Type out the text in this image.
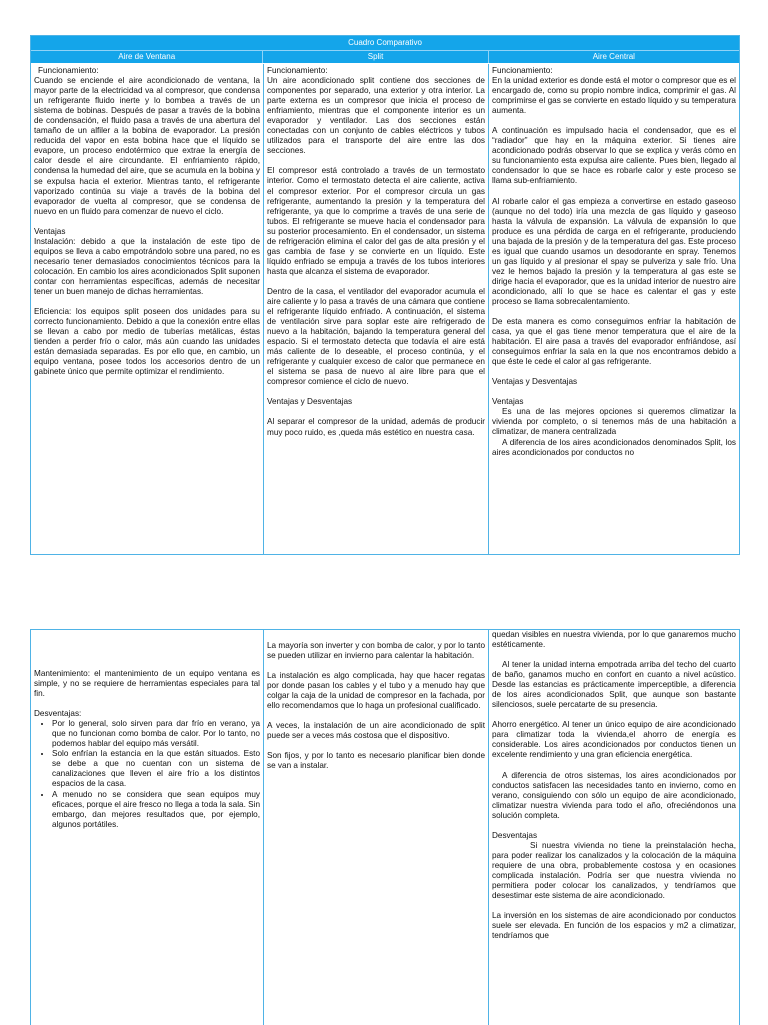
Cuadro Comparativo
Aire de Ventana	Split	Aire Central

Funcionamiento:

Cuando se enciende el aire acondicionado de ventana, la mayor parte de la electricidad va al compresor, que condensa un refrigerante fluido inerte y lo bombea a través de un sistema de bobinas. Después de pasar a través de la bobina de condensación, el fluido pasa a través de una abertura del tamaño de un alfiler a la bobina de evaporador. La presión reducida del vapor en esta bobina hace que el líquido se evapore, un proceso endotérmico que extrae la energía de calor desde el aire circundante. El enfriamiento rápido, condensa la humedad del aire, que se acumula en la bobina y se expulsa hacia el exterior. Mientras tanto, el refrigerante vaporizado continúa su viaje a través de la bobina del evaporador de vuelta al compresor, que se condensa de nuevo en un fluido para comenzar de nuevo el ciclo.

Ventajas

Instalación: debido a que la instalación de este tipo de equipos se lleva a cabo empotrándolo sobre una pared, no es necesario tener demasiados conocimientos técnicos para la colocación. En cambio los aires acondicionados Split suponen contar con herramientas específicas, además de necesitar tener un buen manejo de dichas herramientas.

Eficiencia: los equipos split poseen dos unidades para su correcto funcionamiento. Debido a que la conexión entre ellas se llevan a cabo por medio de tuberías metálicas, éstas tienden a perder frío o calor, más aún cuando las unidades están demasiada separadas. Es por ello que, en cambio, un equipo ventana, posee todos los accesorios dentro de un gabinete único que permite optimizar el rendimiento.

Funcionamiento:

Un aire acondicionado split contiene dos secciones de componentes por separado, una exterior y otra interior. La parte externa es un compresor que inicia el proceso de enfriamiento, mientras que el componente interior es un evaporador y ventilador. Las dos secciones están conectadas con un conjunto de cables eléctricos y tubos utilizados para el transporte del aire entre las dos secciones.

El compresor está controlado a través de un termostato interior. Como el termostato detecta el aire caliente, activa el compresor exterior. Por el compresor circula un gas refrigerante, aumentando la presión y la temperatura del refrigerante, ya que lo comprime a través de una serie de tubos. El refrigerante se mueve hacia el condensador para su posterior procesamiento. En el condensador, un sistema de refrigeración elimina el calor del gas de alta presión y el gas cambia de fase y se convierte en un líquido. Este líquido enfriado se empuja a través de los tubos interiores hasta que alcanza el sistema de evaporador.

Dentro de la casa, el ventilador del evaporador acumula el aire caliente y lo pasa a través de una cámara que contiene el refrigerante líquido enfriado. A continuación, el sistema de ventilación sirve para soplar este aire refrigerado de nuevo a la habitación, bajando la temperatura general del espacio. Si el termostato detecta que todavía el aire está más caliente de lo deseable, el proceso continúa, y el refrigerante y cualquier exceso de calor que permanece en el sistema se pasa de nuevo al aire libre para que el compresor comience el ciclo de nuevo.

Ventajas y Desventajas

Al separar el compresor de la unidad, además de producir muy poco ruido, es ,queda más estético en nuestra casa.

Funcionamiento:

En la unidad exterior es donde está el motor o compresor que es el encargado de, como su propio nombre indica, comprimir el gas. Al comprimirse el gas se convierte en estado líquido y su temperatura aumenta.

A continuación es impulsado hacia el condensador, que es el “radiador” que hay en la máquina exterior. Si tienes aire acondicionado podrás observar lo que se explica y verás cómo en su funcionamiento esta expulsa aire caliente. Pues bien, llegado al condensador lo que se hace es robarle calor y este proceso se llama sub-enfriamiento.

Al robarle calor el gas empieza a convertirse en estado gaseoso (aunque no del todo) iría una mezcla de gas líquido y gaseoso hasta la válvula de expansión. La válvula de expansión lo que produce es una pérdida de carga en el refrigerante, produciendo una bajada de la presión y de la temperatura del gas. Este proceso es igual que cuando usamos un desodorante en spray. Tenemos un gas líquido y al presionar el spay se pulveriza y sale frío. Una vez le hemos bajado la presión y la temperatura al gas este se dirige hacia el evaporador, que es la unidad interior de nuestro aire acondicionado, allí lo que se hace es calentar el gas y este proceso se llama sobrecalentamiento.

De esta manera es como conseguimos enfriar la habitación de casa, ya que el gas tiene menor temperatura que el aire de la habitación. El aire pasa a través del evaporador enfriándose, así conseguimos enfriar la sala en la que nos encontramos debido a que éste le cede el calor al gas refrigerante.

Ventajas y Desventajas

Ventajas

Es una de las mejores opciones si queremos climatizar la vivienda por completo, o si tenemos más de una habitación a climatizar, de manera centralizada

A diferencia de los aires acondicionados denominados Split, los aires acondicionados por conductos no

Mantenimiento: el mantenimiento de un equipo ventana es simple, y no se requiere de herramientas especiales para tal fin.

Desventajas:

• Por lo general, solo sirven para dar frío en verano, ya que no funcionan como bomba de calor. Por lo tanto, no podemos hablar del equipo más versátil.
• Solo enfrían la estancia en la que están situados. Esto se debe a que no cuentan con un sistema de canalizaciones que lleven el aire frío a los distintos espacios de la casa.
• A menudo no se considera que sean equipos muy eficaces, porque el aire fresco no llega a toda la sala. Sin embargo, dan mejores resultados que, por ejemplo, algunos portátiles.

La mayoría son inverter y con bomba de calor, y por lo tanto se pueden utilizar en invierno para calentar la habitación.

La instalación es algo complicada, hay que hacer regatas por donde pasan los cables y el tubo y a menudo hay que colgar la caja de la unidad de compresor en la fachada, por ello recomendamos que lo haga un profesional cualificado.

A veces, la instalación de un aire acondicionado de split puede ser a veces más costosa que el dispositivo.

Son fijos, y por lo tanto es necesario planificar bien donde se van a instalar.

quedan visibles en nuestra vivienda, por lo que ganaremos mucho estéticamente.

Al tener la unidad interna empotrada arriba del techo del cuarto de baño, ganamos mucho en confort en cuanto a nivel acústico. Desde las estancias es prácticamente imperceptible, a diferencia de los aires acondicionados Split, que aunque son bastante silenciosos, suele percatarte de su presencia.

Ahorro energético. Al tener un único equipo de aire acondicionado para climatizar toda la vivienda,el ahorro de energía es considerable. Los aires acondicionados por conductos tienen un excelente rendimiento y una gran eficiencia energética.

A diferencia de otros sistemas, los aires acondicionados por conductos satisfacen las necesidades tanto en invierno, como en verano, consiguiendo con sólo un equipo de aire acondicionado, climatizar nuestra vivienda para todo el año, ofreciéndonos una solución completa.

Desventajas

Si nuestra vivienda no tiene la preinstalación hecha, para poder realizar los canalizados y la colocación de la máquina requiere de una obra, probablemente costosa y en ocasiones complicada instalación. Podría ser que nuestra vivienda no permitiera poder colocar los canalizados, y tendríamos que desestimar este sistema de aire acondicionado.

La inversión en los sistemas de aire acondicionado por conductos suele ser elevada. En función de los espacios y m2 a climatizar, tendríamos que
